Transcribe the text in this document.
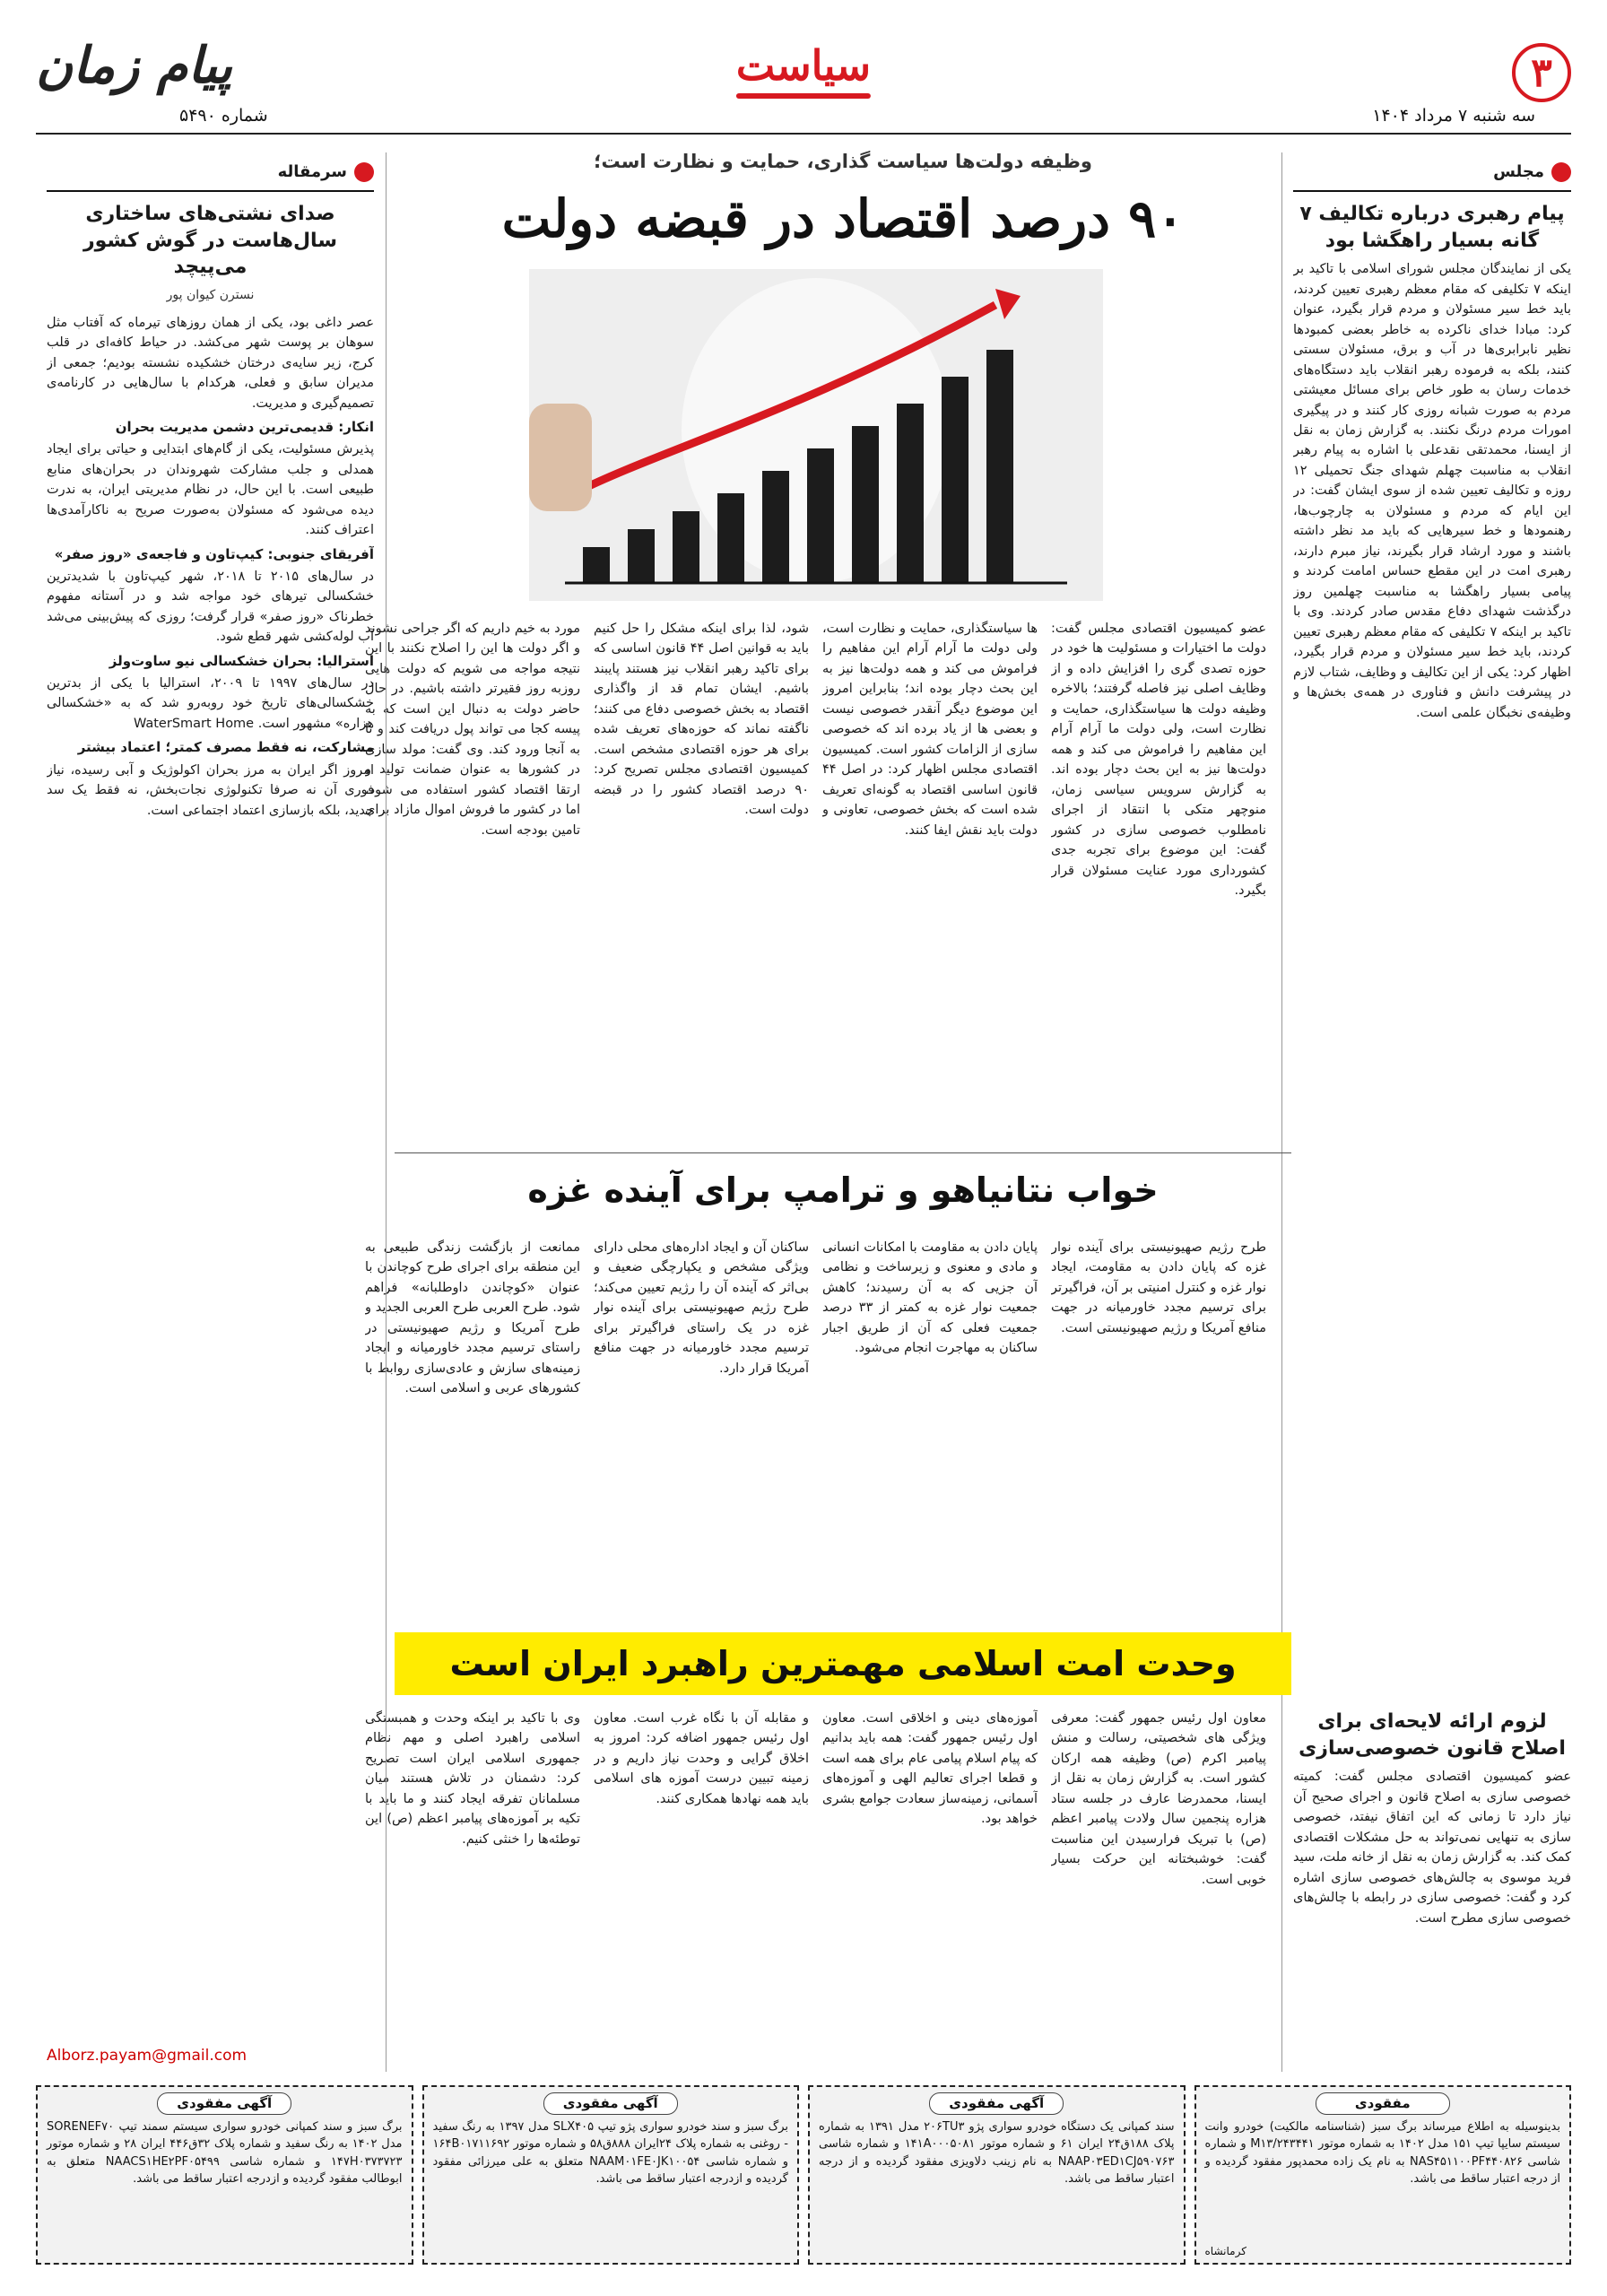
۳
سیاست
پیام زمان
سه شنبه ۷ مرداد ۱۴۰۴
شماره ۵۴۹۰
مجلس
پیام رهبری درباره تکالیف ۷ گانه بسیار راهگشا بود

یکی از نمایندگان مجلس شورای اسلامی با تاکید بر اینکه ۷ تکلیفی که مقام معظم رهبری تعیین کردند، باید خط سیر مسئولان و مردم قرار بگیرد، عنوان کرد: مبادا خدای ناکرده به خاطر بعضی کمبودها نظیر نابرابری‌ها در آب و برق، مسئولان سستی کنند، بلکه به فرموده رهبر انقلاب باید دستگاه‌های خدمات رسان به طور خاص برای مسائل معیشتی مردم به صورت شبانه روزی کار کنند و در پیگیری امورات مردم درنگ نکنند. به گزارش زمان به نقل از ایسنا، محمدتقی نقدعلی با اشاره به پیام رهبر انقلاب به مناسبت چهلم شهدای جنگ تحمیلی ۱۲ روزه و تکالیف تعیین شده از سوی ایشان گفت: در این ایام که مردم و مسئولان به چارچوب‌ها، رهنمودها و خط سیرهایی که باید مد نظر داشته باشند و مورد ارشاد قرار بگیرند، نیاز مبرم دارند، رهبری امت در این مقطع حساس امامت کردند و پیامی بسیار راهگشا به مناسبت چهلمین روز درگذشت شهدای دفاع مقدس صادر کردند. وی با تاکید بر اینکه ۷ تکلیفی که مقام معظم رهبری تعیین کردند، باید خط سیر مسئولان و مردم قرار بگیرد، اظهار کرد: یکی از این تکالیف و وظایف، شتاب لازم در پیشرفت دانش و فناوری در همه‌ی بخش‌ها و وظیفه‌ی نخبگان علمی است.

لزوم ارائه لایحه‌ای برای اصلاح قانون خصوصی‌سازی

عضو کمیسیون اقتصادی مجلس گفت: کمیته خصوصی سازی به اصلاح قانون و اجرای صحیح آن نیاز دارد تا زمانی که این اتفاق نیفتد، خصوصی سازی به تنهایی نمی‌تواند به حل مشکلات اقتصادی کمک کند. به گزارش زمان به نقل از خانه ملت، سید فرید موسوی به چالش‌های خصوصی سازی اشاره کرد و گفت: خصوصی سازی در رابطه با چالش‌های خصوصی سازی مطرح است.

وظیفه دولت‌ها سیاست گذاری، حمایت و نظارت است؛
۹۰ درصد اقتصاد در قبضه دولت

عضو کمیسیون اقتصادی مجلس گفت: دولت ما اختیارات و مسئولیت ها خود در حوزه تصدی گری را افزایش داده و از وظایف اصلی نیز فاصله گرفتند؛ بالاخره وظیفه دولت ها سیاستگذاری، حمایت و نظارت است، ولی دولت ما آرام آرام این مفاهیم را فراموش می کند و همه دولت‌ها نیز به این بحث دچار بوده اند. به گزارش سرویس سیاسی زمان، منوچهر متکی با انتقاد از اجرای نامطلوب خصوصی سازی در کشور گفت: این موضوع برای تجربه جدی کشورداری مورد عنایت مسئولان قرار بگیرد.

ها سیاستگذاری، حمایت و نظارت است، ولی دولت ما آرام آرام این مفاهیم را فراموش می کند و همه دولت‌ها نیز به این بحث دچار بوده اند؛ بنابراین امروز این موضوع دیگر آنقدر خصوصی نیست و بعضی ها از یاد برده اند که خصوصی سازی از الزامات کشور است. کمیسیون اقتصادی مجلس اظهار کرد: در اصل ۴۴ قانون اساسی اقتصاد به گونه‌ای تعریف شده است که بخش خصوصی، تعاونی و دولت باید نقش ایفا کنند.

شود، لذا برای اینکه مشکل را حل کنیم باید به قوانین اصل ۴۴ قانون اساسی که برای تاکید رهبر انقلاب نیز هستند پایبند باشیم. ایشان تمام قد از واگذاری اقتصاد به بخش خصوصی دفاع می کنند؛ ناگفته نماند که حوزه‌های تعریف شده برای هر حوزه اقتصادی مشخص است. کمیسیون اقتصادی مجلس تصریح کرد: ۹۰ درصد اقتصاد کشور را در قبضه دولت است.

مورد به خیم داریم که اگر جراحی نشوند و اگر دولت ها این را اصلاح نکنند با این نتیجه مواجه می شویم که دولت هایی روزبه روز فقیرتر داشته باشیم. در حال حاضر دولت به دنبال این است که به پیسه کجا می تواند پول دریافت کند و تا به آنجا ورود کند. وی گفت: مولد سازی در کشورها به عنوان ضمانت تولید و ارتقا اقتصاد کشور استفاده می شود، اما در کشور ما فروش اموال مازاد برای تامین بودجه است.

خواب نتانیاهو و ترامپ برای آینده غزه

طرح رژیم صهیونیستی برای آینده نوار غزه که پایان دادن به مقاومت، ایجاد نوار غزه و کنترل امنیتی بر آن، فراگیرتر برای ترسیم مجدد خاورمیانه در جهت منافع آمریکا و رژیم صهیونیستی است.

پایان دادن به مقاومت با امکانات انسانی و مادی و معنوی و زیرساخت و نظامی آن جزیی که به آن رسیدند؛ کاهش جمعیت نوار غزه به کمتر از ۳۳ درصد جمعیت فعلی که آن از طریق اجبار ساکنان به مهاجرت انجام می‌شود.

ساکنان آن و ایجاد اداره‌های محلی دارای ویژگی مشخص و یکپارچگی ضعیف و بی‌اثر که آینده آن را رژیم تعیین می‌کند؛ طرح رژیم صهیونیستی برای آینده نوار غزه در یک راستای فراگیرتر برای ترسیم مجدد خاورمیانه در جهت منافع آمریکا قرار دارد.

ممانعت از بازگشت زندگی طبیعی به این منطقه برای اجرای طرح کوچاندن با عنوان «کوچاندن داوطلبانه» فراهم شود. طرح العربی طرح العربی الجدید و طرح آمریکا و رژیم صهیونیستی در راستای ترسیم مجدد خاورمیانه و ایجاد زمینه‌های سازش و عادی‌سازی روابط با کشورهای عربی و اسلامی است.

وحدت امت اسلامی مهمترین راهبرد ایران است

معاون اول رئیس جمهور گفت: معرفی ویژگی های شخصیتی، رسالت و منش پیامبر اکرم (ص) وظیفه همه ارکان کشور است. به گزارش زمان به نقل از ایسنا، محمدرضا عارف در جلسه ستاد هزاره پنجمین سال ولادت پیامبر اعظم (ص) با تبریک فرارسیدن این مناسبت گفت: خوشبختانه این حرکت بسیار خوبی است.

آموزه‌های دینی و اخلاقی است. معاون اول رئیس جمهور گفت: همه باید بدانیم که پیام اسلام پیامی عام برای همه است و قطعا اجرای تعالیم الهی و آموزه‌های آسمانی، زمینه‌ساز سعادت جوامع بشری خواهد بود.

و مقابله آن با نگاه غرب است. معاون اول رئیس جمهور اضافه کرد: امروز به اخلاق گرایی و وحدت نیاز داریم و در زمینه تبیین درست آموزه های اسلامی باید همه نهادها همکاری کنند.

وی با تاکید بر اینکه وحدت و همبستگی اسلامی راهبرد اصلی و مهم نظام جمهوری اسلامی ایران است تصریح کرد: دشمنان در تلاش هستند میان مسلمانان تفرقه ایجاد کنند و ما باید با تکیه بر آموزه‌های پیامبر اعظم (ص) این توطئه‌ها را خنثی کنیم.

سرمقاله
صدای نشتی‌های ساختاری سال‌هاست در گوش کشور می‌پیچد
نسترن کیوان پور

عصر داغی بود، یکی از همان روزهای تیرماه که آفتاب مثل سوهان بر پوست شهر می‌کشد. در حیاط کافه‌ای در قلب کرج، زیر سایه‌ی درختان خشکیده نشسته بودیم؛ جمعی از مدیران سابق و فعلی، هرکدام با سال‌هایی در کارنامه‌ی تصمیم‌گیری و مدیریت.

انکار: قدیمی‌ترین دشمن مدیریت بحران

پذیرش مسئولیت، یکی از گام‌های ابتدایی و حیاتی برای ایجاد همدلی و جلب مشارکت شهروندان در بحران‌های منابع طبیعی است. با این حال، در نظام مدیریتی ایران، به ندرت دیده می‌شود که مسئولان به‌صورت صریح به ناکارآمدی‌ها اعتراف کنند.

آفریقای جنوبی: کیپ‌تاون و فاجعه‌ی «روز صفر»

در سال‌های ۲۰۱۵ تا ۲۰۱۸، شهر کیپ‌تاون با شدیدترین خشکسالی تیرهای خود مواجه شد و در آستانه مفهوم خطرناک «روز صفر» قرار گرفت؛ روزی که پیش‌بینی می‌شد آب لوله‌کشی شهر قطع شود.

استرالیا: بحران خشکسالی نیو ساوت‌ولز

در سال‌های ۱۹۹۷ تا ۲۰۰۹، استرالیا با یکی از بدترین خشکسالی‌های تاریخ خود روبه‌رو شد که به «خشکسالی هزاره» مشهور است. WaterSmart Home

مشارکت، نه فقط مصرف کمتر؛ اعتماد بیشتر

امروز اگر ایران به مرز بحران اکولوژیک و آبی رسیده، نیاز فوری آن نه صرفا تکنولوژی نجات‌بخش، نه فقط یک سد جدید، بلکه بازسازی اعتماد اجتماعی است.

Alborz.payam@gmail.com
مفقودی
بدینوسیله به اطلاع میرساند برگ سبز (شناسنامه مالکیت) خودرو وانت سیستم سایپا تیپ ۱۵۱ مدل ۱۴۰۲ به شماره موتور M۱۳/۲۴۳۴۴۱ و شماره شاسی NAS۴۵۱۱۰۰PF۴۴۰۸۲۶ به نام یک زاده محمدپور مفقود گردیده و از درجه اعتبار ساقط می باشد.
کرمانشاه
آگهی مفقودی
سند کمپانی یک دستگاه خودرو سواری پژو ۲۰۶TU۳ مدل ۱۳۹۱ به شماره پلاک ۱۸۸ق۲۴ ایران ۶۱ و شماره موتور ۱۴۱A۰۰۰۵۰۸۱ و شماره شاسی NAAP۰۳ED۱CJ۵۹۰۷۶۳ به نام زینب دلاویزی مفقود گردیده و از درجه اعتبار ساقط می باشد.
آگهی مفقودی
برگ سبز و سند خودرو سواری پژو تیپ SLX۴۰۵ مدل ۱۳۹۷ به رنگ سفید - روغنی به شماره پلاک ۲۴ایران ۸۸۸ق۵۸ و شماره موتور ۱۶۴B۰۱۷۱۱۶۹۲ و شماره شاسی NAAM۰۱FE۰JK۱۰۰۵۴ متعلق به علی میرزائی مفقود گردیده و ازدرجه اعتبار ساقط می باشد.
آگهی مفقودی
برگ سبز و سند کمپانی خودرو سواری سیستم سمند تیپ SORENEF۷۰ مدل ۱۴۰۲ به رنگ سفید و شماره پلاک ۳۲ق۴۴۶ ایران ۲۸ و شماره موتور ۱۴۷H۰۳۷۳۷۲۳ و شماره شاسی NAACS۱HE۲PF۰۵۴۹۹ متعلق به ابوطالب مفقود گردیده و ازدرجه اعتبار ساقط می باشد.
